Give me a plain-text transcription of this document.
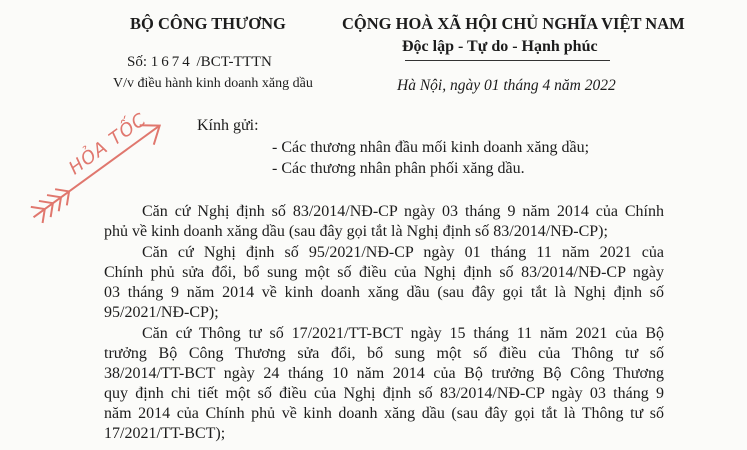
BỘ CÔNG THƯƠNG	CỘNG HOÀ XÃ HỘI CHỦ NGHĨA VIỆT NAM
Độc lập - Tự do - Hạnh phúc
Số: 1674 /BCT-TTTN
V/v điều hành kinh doanh xăng dầu	Hà Nội, ngày 01 tháng 4 năm 2022
HỎA TỐC	Kính gửi:
- Các thương nhân đầu mối kinh doanh xăng dầu;
- Các thương nhân phân phối xăng dầu.
Căn cứ Nghị định số 83/2014/NĐ-CP ngày 03 tháng 9 năm 2014 của Chính
phủ về kinh doanh xăng dầu (sau đây gọi tắt là Nghị định số 83/2014/NĐ-CP);
Căn cứ Nghị định số 95/2021/NĐ-CP ngày 01 tháng 11 năm 2021 của
Chính phủ sửa đổi, bổ sung một số điều của Nghị định số 83/2014/NĐ-CP ngày
03 tháng 9 năm 2014 về kinh doanh xăng dầu (sau đây gọi tắt là Nghị định số
95/2021/NĐ-CP);
Căn cứ Thông tư số 17/2021/TT-BCT ngày 15 tháng 11 năm 2021 của Bộ
trưởng Bộ Công Thương sửa đổi, bổ sung một số điều của Thông tư số
38/2014/TT-BCT ngày 24 tháng 10 năm 2014 của Bộ trưởng Bộ Công Thương
quy định chi tiết một số điều của Nghị định số 83/2014/NĐ-CP ngày 03 tháng 9
năm 2014 của Chính phủ về kinh doanh xăng dầu (sau đây gọi tắt là Thông tư số
17/2021/TT-BCT);
